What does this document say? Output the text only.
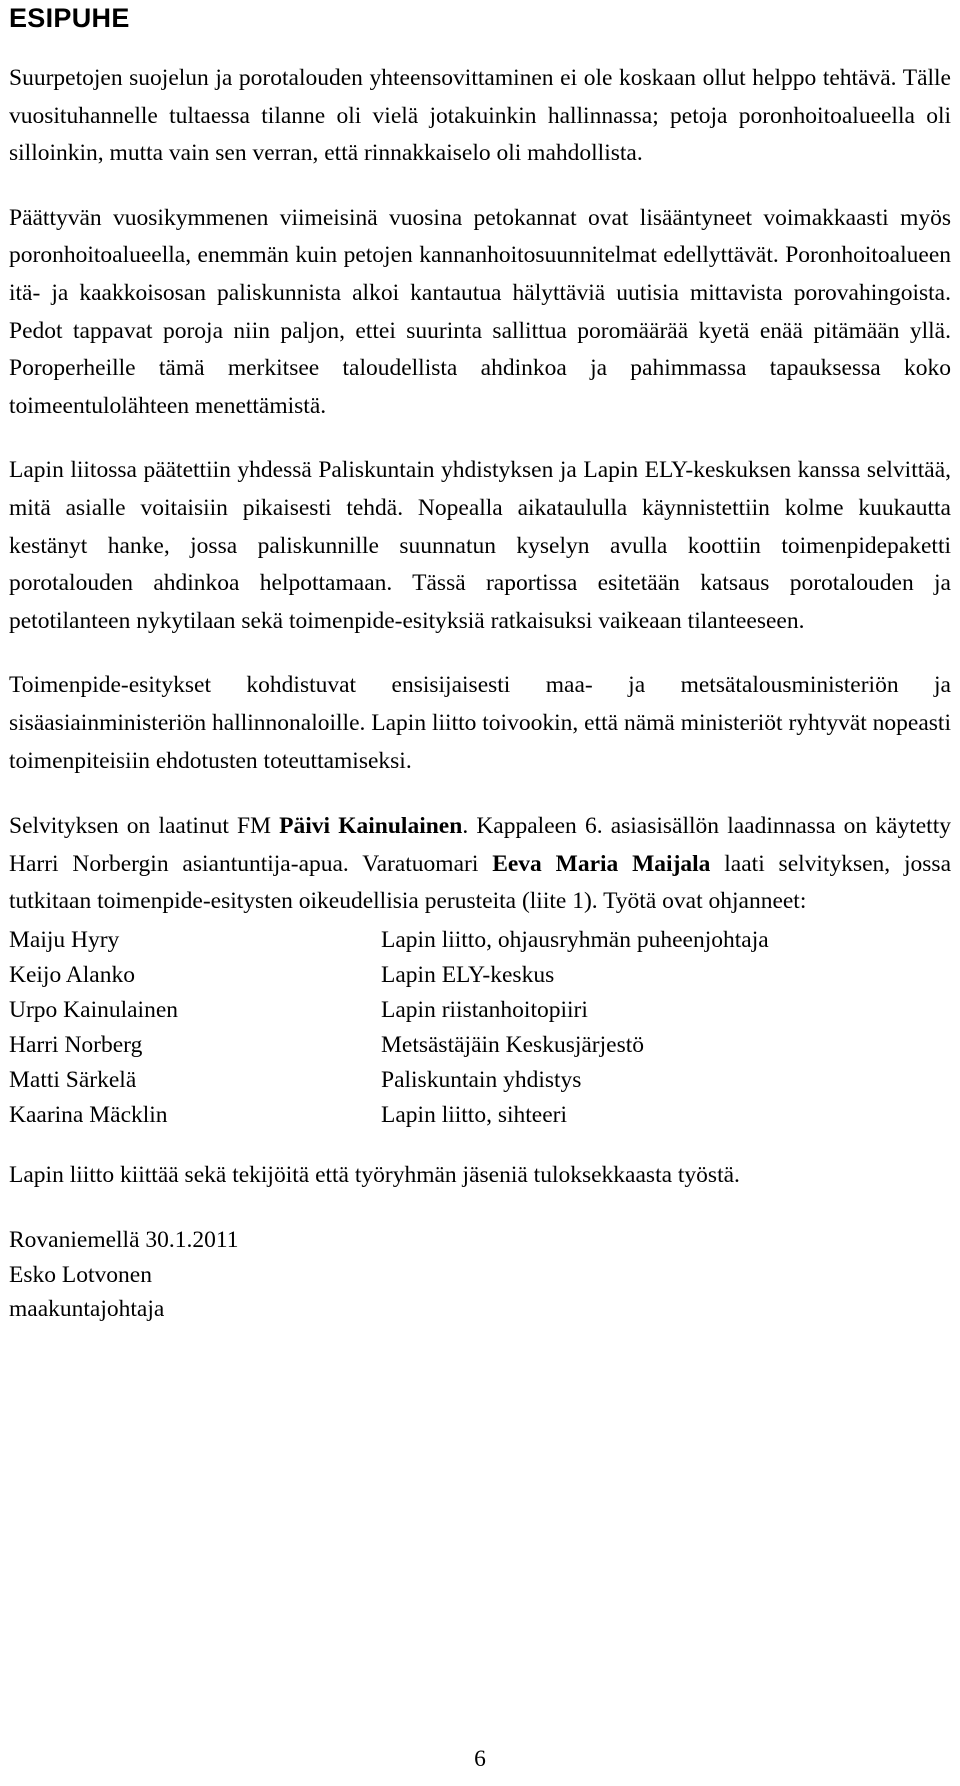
ESIPUHE

Suurpetojen suojelun ja porotalouden yhteensovittaminen ei ole koskaan ollut helppo tehtävä. Tälle vuosituhannelle tultaessa tilanne oli vielä jotakuinkin hallinnassa; petoja poronhoitoalueella oli silloinkin, mutta vain sen verran, että rinnakkaiselo oli mahdollista.

Päättyvän vuosikymmenen viimeisinä vuosina petokannat ovat lisääntyneet voimakkaasti myös poronhoitoalueella, enemmän kuin petojen kannanhoitosuunnitelmat edellyttävät. Poronhoitoalueen itä- ja kaakkoisosan paliskunnista alkoi kantautua hälyttäviä uutisia mittavista porovahingoista. Pedot tappavat poroja niin paljon, ettei suurinta sallittua poromäärää kyetä enää pitämään yllä. Poroperheille tämä merkitsee taloudellista ahdinkoa ja pahimmassa tapauksessa koko toimeentulolähteen menettämistä.

Lapin liitossa päätettiin yhdessä Paliskuntain yhdistyksen ja Lapin ELY-keskuksen kanssa selvittää, mitä asialle voitaisiin pikaisesti tehdä. Nopealla aikataululla käynnistettiin kolme kuukautta kestänyt hanke, jossa paliskunnille suunnatun kyselyn avulla koottiin toimenpidepaketti porotalouden ahdinkoa helpottamaan. Tässä raportissa esitetään katsaus porotalouden ja petotilanteen nykytilaan sekä toimenpide-esityksiä ratkaisuksi vaikeaan tilanteeseen.

Toimenpide-esitykset kohdistuvat ensisijaisesti maa- ja metsätalousministeriön ja sisäasiainministeriön hallinnonaloille. Lapin liitto toivookin, että nämä ministeriöt ryhtyvät nopeasti toimenpiteisiin ehdotusten toteuttamiseksi.

Selvityksen on laatinut FM Päivi Kainulainen. Kappaleen 6. asiasisällön laadinnassa on käytetty Harri Norbergin asiantuntija-apua. Varatuomari Eeva Maria Maijala laati selvityksen, jossa tutkitaan toimenpide-esitysten oikeudellisia perusteita (liite 1). Työtä ovat ohjanneet:

Maiju Hyry	Lapin liitto, ohjausryhmän puheenjohtaja
Keijo Alanko	Lapin ELY-keskus
Urpo Kainulainen	Lapin riistanhoitopiiri
Harri Norberg	Metsästäjäin Keskusjärjestö
Matti Särkelä	Paliskuntain yhdistys
Kaarina Mäcklin	Lapin liitto, sihteeri

Lapin liitto kiittää sekä tekijöitä että työryhmän jäseniä tuloksekkaasta työstä.

Rovaniemellä 30.1.2011
Esko Lotvonen
maakuntajohtaja
6
